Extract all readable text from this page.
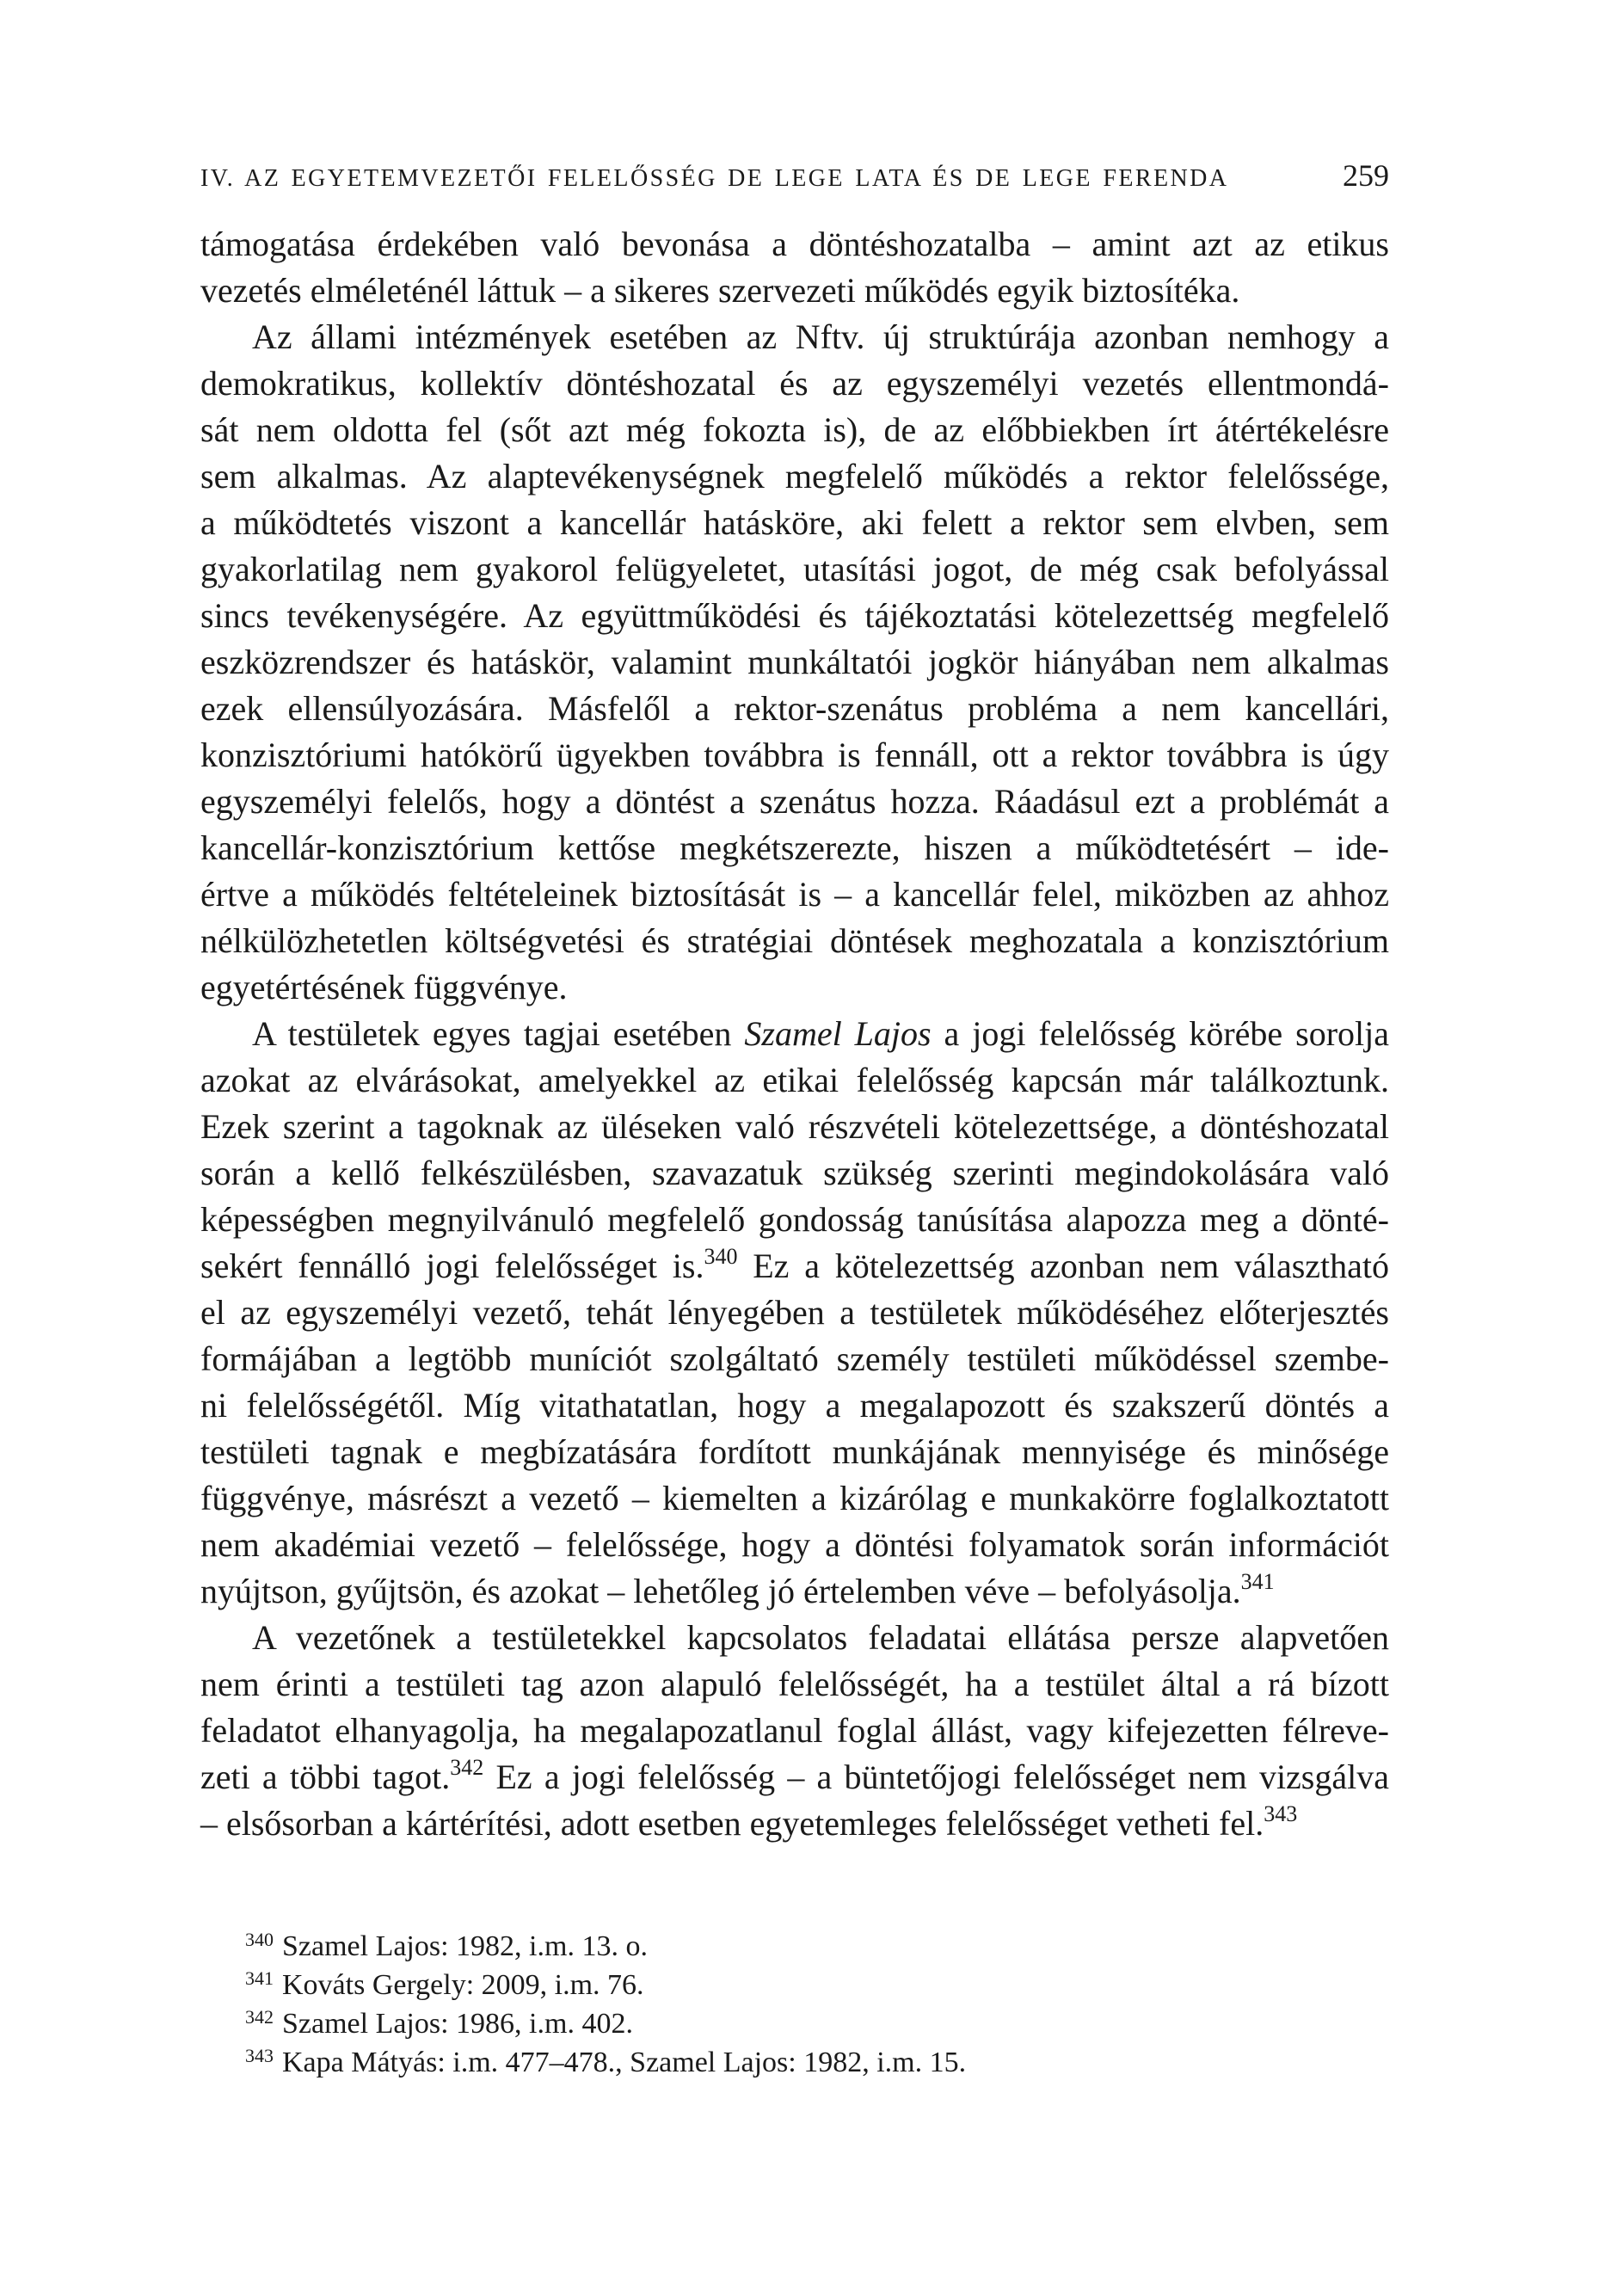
IV. AZ EGYETEMVEZETŐI FELELŐSSÉG DE LEGE LATA ÉS DE LEGE FERENDA	259
támogatása érdekében való bevonása a döntéshozatalba – amint azt az etikus
vezetés elméleténél láttuk – a sikeres szervezeti működés egyik biztosítéka.
Az állami intézmények esetében az Nftv. új struktúrája azonban nemhogy a
demokratikus, kollektív döntéshozatal és az egyszemélyi vezetés ellentmondá-
sát nem oldotta fel (sőt azt még fokozta is), de az előbbiekben írt átértékelésre
sem alkalmas. Az alaptevékenységnek megfelelő működés a rektor felelőssége,
a működtetés viszont a kancellár hatásköre, aki felett a rektor sem elvben, sem
gyakorlatilag nem gyakorol felügyeletet, utasítási jogot, de még csak befolyással
sincs tevékenységére. Az együttműködési és tájékoztatási kötelezettség megfelelő
eszközrendszer és hatáskör, valamint munkáltatói jogkör hiányában nem alkalmas
ezek ellensúlyozására. Másfelől a rektor-szenátus probléma a nem kancellári,
konzisztóriumi hatókörű ügyekben továbbra is fennáll, ott a rektor továbbra is úgy
egyszemélyi felelős, hogy a döntést a szenátus hozza. Ráadásul ezt a problémát a
kancellár-konzisztórium kettőse megkétszerezte, hiszen a működtetésért – ide-
értve a működés feltételeinek biztosítását is – a kancellár felel, miközben az ahhoz
nélkülözhetetlen költségvetési és stratégiai döntések meghozatala a konzisztórium
egyetértésének függvénye.
A testületek egyes tagjai esetében Szamel Lajos a jogi felelősség körébe sorolja
azokat az elvárásokat, amelyekkel az etikai felelősség kapcsán már találkoztunk.
Ezek szerint a tagoknak az üléseken való részvételi kötelezettsége, a döntéshozatal
során a kellő felkészülésben, szavazatuk szükség szerinti megindokolására való
képességben megnyilvánuló megfelelő gondosság tanúsítása alapozza meg a dönté-
sekért fennálló jogi felelősséget is.$^{340}$ Ez a kötelezettség azonban nem választható
el az egyszemélyi vezető, tehát lényegében a testületek működéséhez előterjesztés
formájában a legtöbb muníciót szolgáltató személy testületi működéssel szembe-
ni felelősségétől. Míg vitathatatlan, hogy a megalapozott és szakszerű döntés a
testületi tagnak e megbízatására fordított munkájának mennyisége és minősége
függvénye, másrészt a vezető – kiemelten a kizárólag e munkakörre foglalkoztatott
nem akadémiai vezető – felelőssége, hogy a döntési folyamatok során információt
nyújtson, gyűjtsön, és azokat – lehetőleg jó értelemben véve – befolyásolja.$^{341}$
A vezetőnek a testületekkel kapcsolatos feladatai ellátása persze alapvetően
nem érinti a testületi tag azon alapuló felelősségét, ha a testület által a rá bízott
feladatot elhanyagolja, ha megalapozatlanul foglal állást, vagy kifejezetten félreve-
zeti a többi tagot.$^{342}$ Ez a jogi felelősség – a büntetőjogi felelősséget nem vizsgálva
– elsősorban a kártérítési, adott esetben egyetemleges felelősséget vetheti fel.$^{343}$
$^{340}$ Szamel Lajos: 1982, i.m. 13. o.
$^{341}$ Kováts Gergely: 2009, i.m. 76.
$^{342}$ Szamel Lajos: 1986, i.m. 402.
$^{343}$ Kapa Mátyás: i.m. 477–478., Szamel Lajos: 1982, i.m. 15.
